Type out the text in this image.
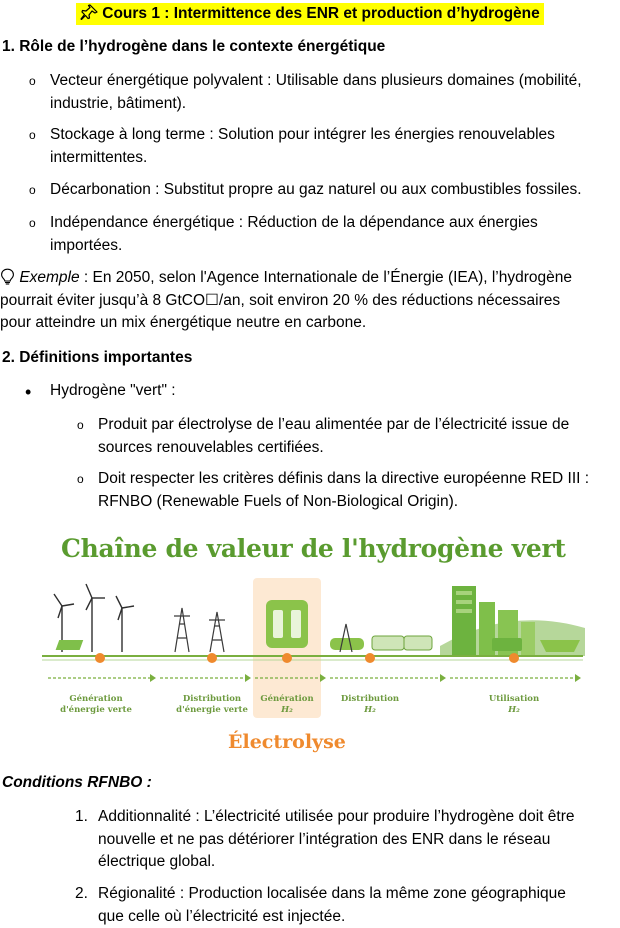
Cours 1 : Intermittence des ENR et production d’hydrogène
1. Rôle de l’hydrogène dans le contexte énergétique
o Vecteur énergétique polyvalent : Utilisable dans plusieurs domaines (mobilité,
industrie, bâtiment).
o Stockage à long terme : Solution pour intégrer les énergies renouvelables
intermittentes.
o Décarbonation : Substitut propre au gaz naturel ou aux combustibles fossiles.
o Indépendance énergétique : Réduction de la dépendance aux énergies
importées.
Exemple : En 2050, selon l'Agence Internationale de l’Énergie (IEA), l’hydrogène
pourrait éviter jusqu’à 8 GtCO☐/an, soit environ 20 % des réductions nécessaires
pour atteindre un mix énergétique neutre en carbone.
2. Définitions importantes
• Hydrogène "vert" :
o Produit par électrolyse de l’eau alimentée par de l’électricité issue de
sources renouvelables certifiées.
o Doit respecter les critères définis dans la directive européenne RED III :
RFNBO (Renewable Fuels of Non-Biological Origin).
Chaîne de valeur de l'hydrogène vert
Génération
d'énergie verte
Distribution
d'énergie verte
Génération
H₂
Distribution
H₂
Utilisation
H₂
Électrolyse
Conditions RFNBO :
1. Additionnalité : L’électricité utilisée pour produire l’hydrogène doit être
nouvelle et ne pas détériorer l’intégration des ENR dans le réseau
électrique global.
2. Régionalité : Production localisée dans la même zone géographique
que celle où l’électricité est injectée.
